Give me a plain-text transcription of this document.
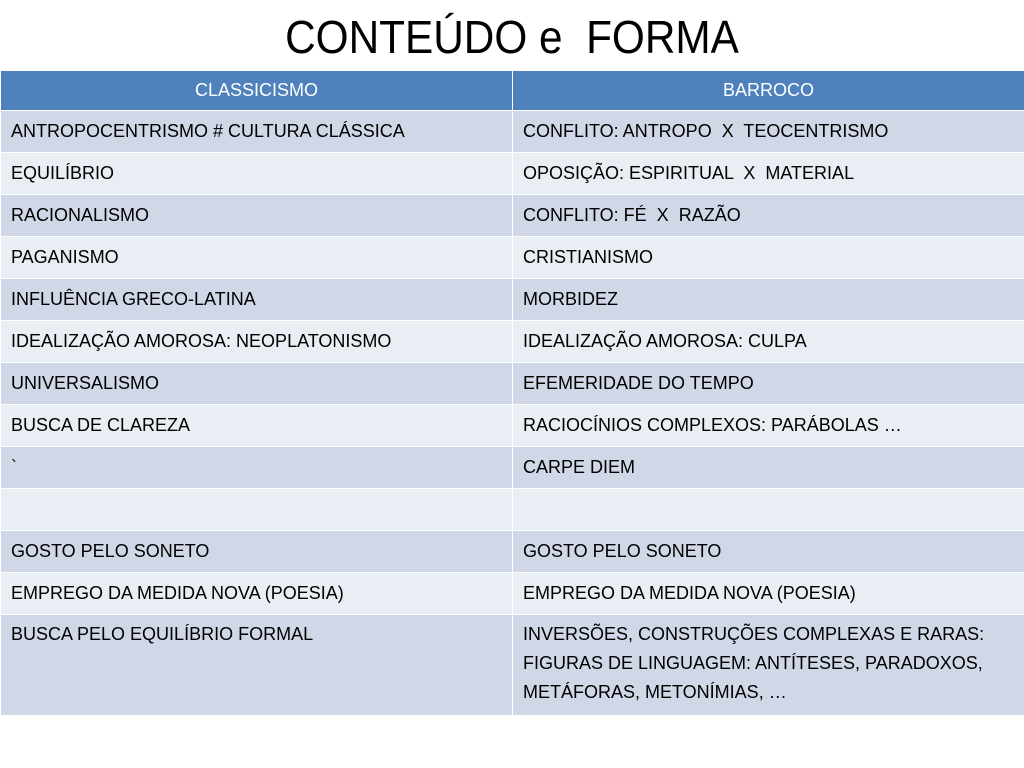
CONTEÚDO e  FORMA
CLASSICISMO	BARROCO
ANTROPOCENTRISMO # CULTURA CLÁSSICA	CONFLITO: ANTROPO  X  TEOCENTRISMO
EQUILÍBRIO	OPOSIÇÃO: ESPIRITUAL  X  MATERIAL
RACIONALISMO	CONFLITO: FÉ  X  RAZÃO
PAGANISMO	CRISTIANISMO
INFLUÊNCIA GRECO-LATINA	MORBIDEZ
IDEALIZAÇÃO AMOROSA: NEOPLATONISMO	IDEALIZAÇÃO AMOROSA: CULPA
UNIVERSALISMO	EFEMERIDADE DO TEMPO
BUSCA DE CLAREZA	RACIOCÍNIOS COMPLEXOS: PARÁBOLAS …
`	CARPE DIEM

GOSTO PELO SONETO	GOSTO PELO SONETO
EMPREGO DA MEDIDA NOVA (POESIA)	EMPREGO DA MEDIDA NOVA (POESIA)
BUSCA PELO EQUILÍBRIO FORMAL	INVERSÕES, CONSTRUÇÕES COMPLEXAS E RARAS: FIGURAS DE LINGUAGEM: ANTÍTESES, PARADOXOS, METÁFORAS, METONÍMIAS, …
